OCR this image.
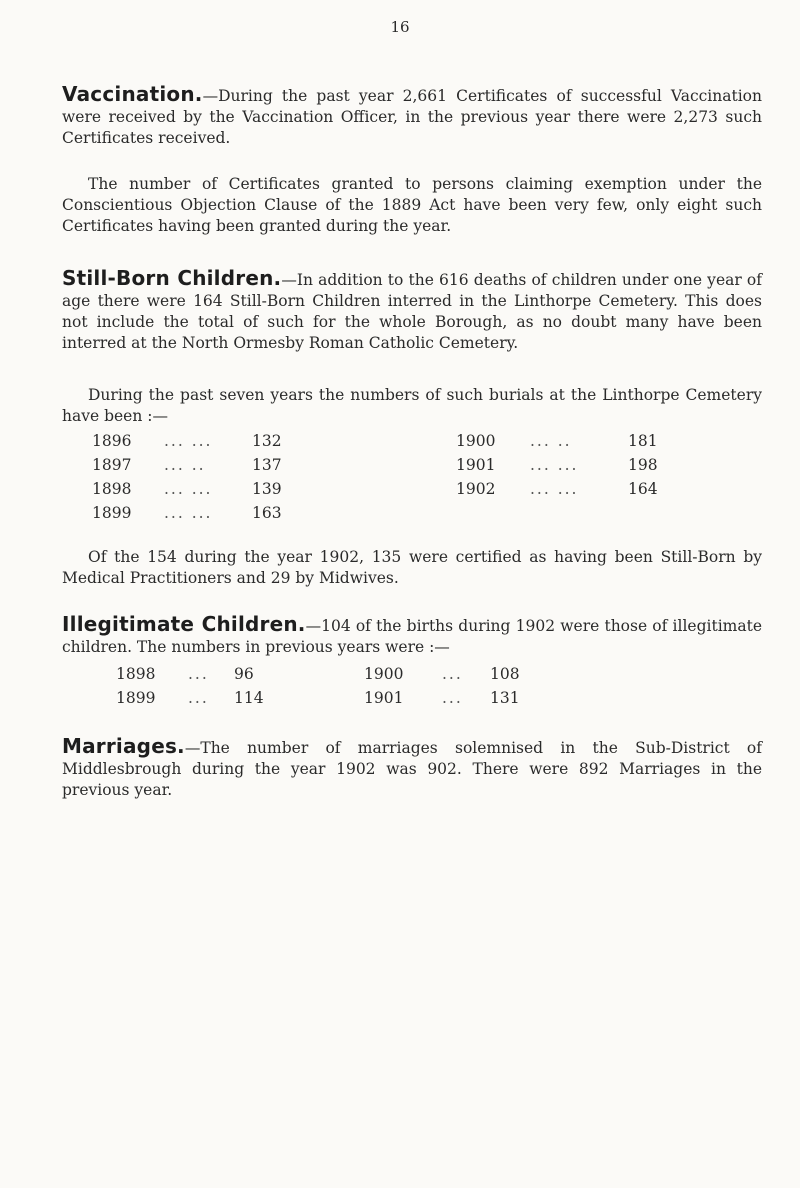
16

Vaccination.—During the past year 2,661 Certificates of successful Vaccination were received by the Vaccination Officer, in the previous year there were 2,273 such Certificates received.

The number of Certificates granted to persons claiming exemption under the Conscientious Objection Clause of the 1889 Act have been very few, only eight such Certificates having been granted during the year.

Still-Born Children.—In addition to the 616 deaths of children under one year of age there were 164 Still-Born Children interred in the Linthorpe Cemetery. This does not include the total of such for the whole Borough, as no doubt many have been interred at the North Ormesby Roman Catholic Cemetery.

During the past seven years the numbers of such burials at the Linthorpe Cemetery have been :—

1896 ... ...	132	1900 ... ..	181
1897 ... ..	137	1901 ... ...	198
1898 ... ...	139	1902 ... ...	164
1899 ... ...	163

Of the 154 during the year 1902, 135 were certified as having been Still-Born by Medical Practitioners and 29 by Midwives.

Illegitimate Children.—104 of the births during 1902 were those of illegitimate children. The numbers in previous years were :—

1898 ... 96	1900 ... 108
1899 ... 114	1901 ... 131

Marriages.—The number of marriages solemnised in the Sub-District of Middlesbrough during the year 1902 was 902. There were 892 Marriages in the previous year.
